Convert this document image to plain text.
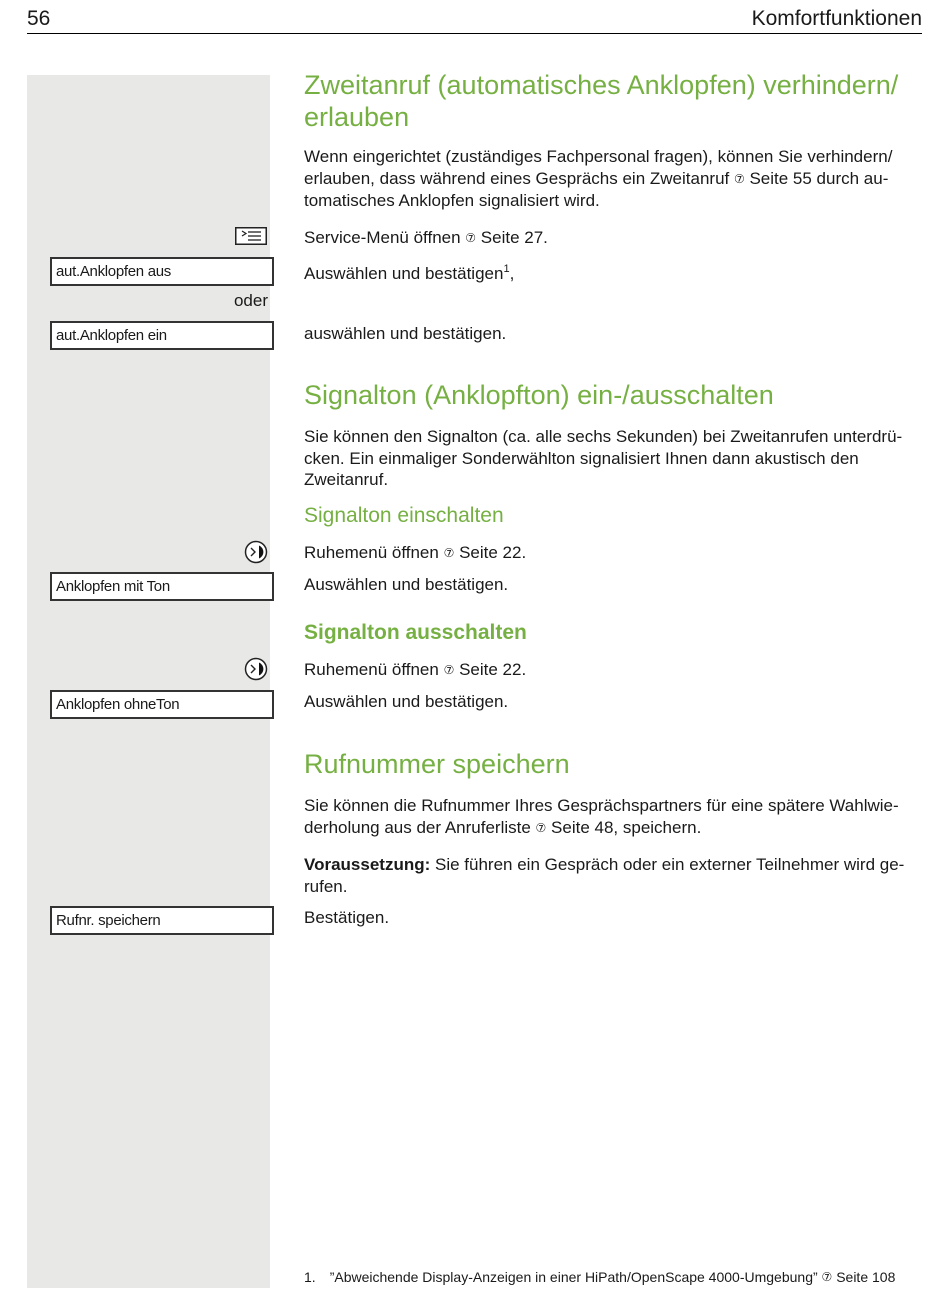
56	Komfortfunktionen
Zweitanruf (automatisches Anklopfen) verhindern/
erlauben
Wenn eingerichtet (zuständiges Fachpersonal fragen), können Sie verhindern/
erlauben, dass während eines Gesprächs ein Zweitanruf ⑦ Seite 55 durch au-
tomatisches Anklopfen signalisiert wird.
Service-Menü öffnen ⑦ Seite 27.
aut.Anklopfen aus	Auswählen und bestätigen$^1$,
oder
aut.Anklopfen ein	auswählen und bestätigen.
Signalton (Anklopfton) ein-/ausschalten
Sie können den Signalton (ca. alle sechs Sekunden) bei Zweitanrufen unterdrü-
cken. Ein einmaliger Sonderwählton signalisiert Ihnen dann akustisch den
Zweitanruf.
Signalton einschalten
Ruhemenü öffnen ⑦ Seite 22.
Anklopfen mit Ton	Auswählen und bestätigen.
Signalton ausschalten
Ruhemenü öffnen ⑦ Seite 22.
Anklopfen ohneTon	Auswählen und bestätigen.
Rufnummer speichern
Sie können die Rufnummer Ihres Gesprächspartners für eine spätere Wahlwie-
derholung aus der Anruferliste ⑦ Seite 48, speichern.
Voraussetzung: Sie führen ein Gespräch oder ein externer Teilnehmer wird ge-
rufen.
Rufnr. speichern	Bestätigen.
1. ”Abweichende Display-Anzeigen in einer HiPath/OpenScape 4000-Umgebung” ⑦ Seite 108
